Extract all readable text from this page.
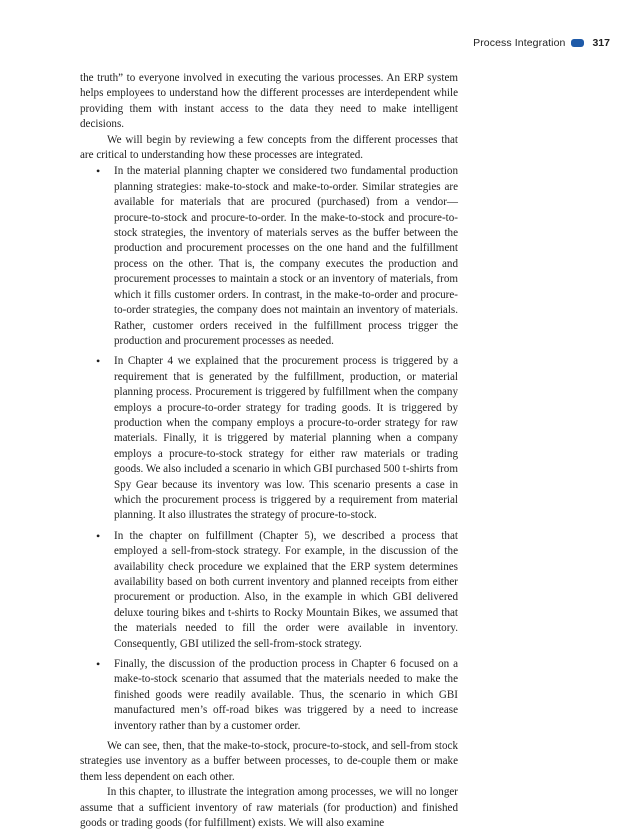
Process Integration	317

the truth” to everyone involved in executing the various processes. An ERP system helps employees to understand how the different processes are interdependent while providing them with instant access to the data they need to make intelligent decisions.

We will begin by reviewing a few concepts from the different processes that are critical to understanding how these processes are integrated.

• In the material planning chapter we considered two fundamental production planning strategies: make-to-stock and make-to-order. Similar strategies are available for materials that are procured (purchased) from a vendor—procure-to-stock and procure-to-order. In the make-to-stock and procure-to-stock strategies, the inventory of materials serves as the buffer between the production and procurement processes on the one hand and the fulfillment process on the other. That is, the company executes the production and procurement processes to maintain a stock or an inventory of materials, from which it fills customer orders. In contrast, in the make-to-order and procure-to-order strategies, the company does not maintain an inventory of materials. Rather, customer orders received in the fulfillment process trigger the production and procurement processes as needed.
• In Chapter 4 we explained that the procurement process is triggered by a requirement that is generated by the fulfillment, production, or material planning process. Procurement is triggered by fulfillment when the company employs a procure-to-order strategy for trading goods. It is triggered by production when the company employs a procure-to-order strategy for raw materials. Finally, it is triggered by material planning when a company employs a procure-to-stock strategy for either raw materials or trading goods. We also included a scenario in which GBI purchased 500 t-shirts from Spy Gear because its inventory was low. This scenario presents a case in which the procurement process is triggered by a requirement from material planning. It also illustrates the strategy of procure-to-stock.
• In the chapter on fulfillment (Chapter 5), we described a process that employed a sell-from-stock strategy. For example, in the discussion of the availability check procedure we explained that the ERP system determines availability based on both current inventory and planned receipts from either procurement or production. Also, in the example in which GBI delivered deluxe touring bikes and t-shirts to Rocky Mountain Bikes, we assumed that the materials needed to fill the order were available in inventory. Consequently, GBI utilized the sell-from-stock strategy.
• Finally, the discussion of the production process in Chapter 6 focused on a make-to-stock scenario that assumed that the materials needed to make the finished goods were readily available. Thus, the scenario in which GBI manufactured men’s off-road bikes was triggered by a need to increase inventory rather than by a customer order.

We can see, then, that the make-to-stock, procure-to-stock, and sell-from stock strategies use inventory as a buffer between processes, to de-couple them or make them less dependent on each other.

In this chapter, to illustrate the integration among processes, we will no longer assume that a sufficient inventory of raw materials (for production) and finished goods or trading goods (for fulfillment) exists. We will also examine
